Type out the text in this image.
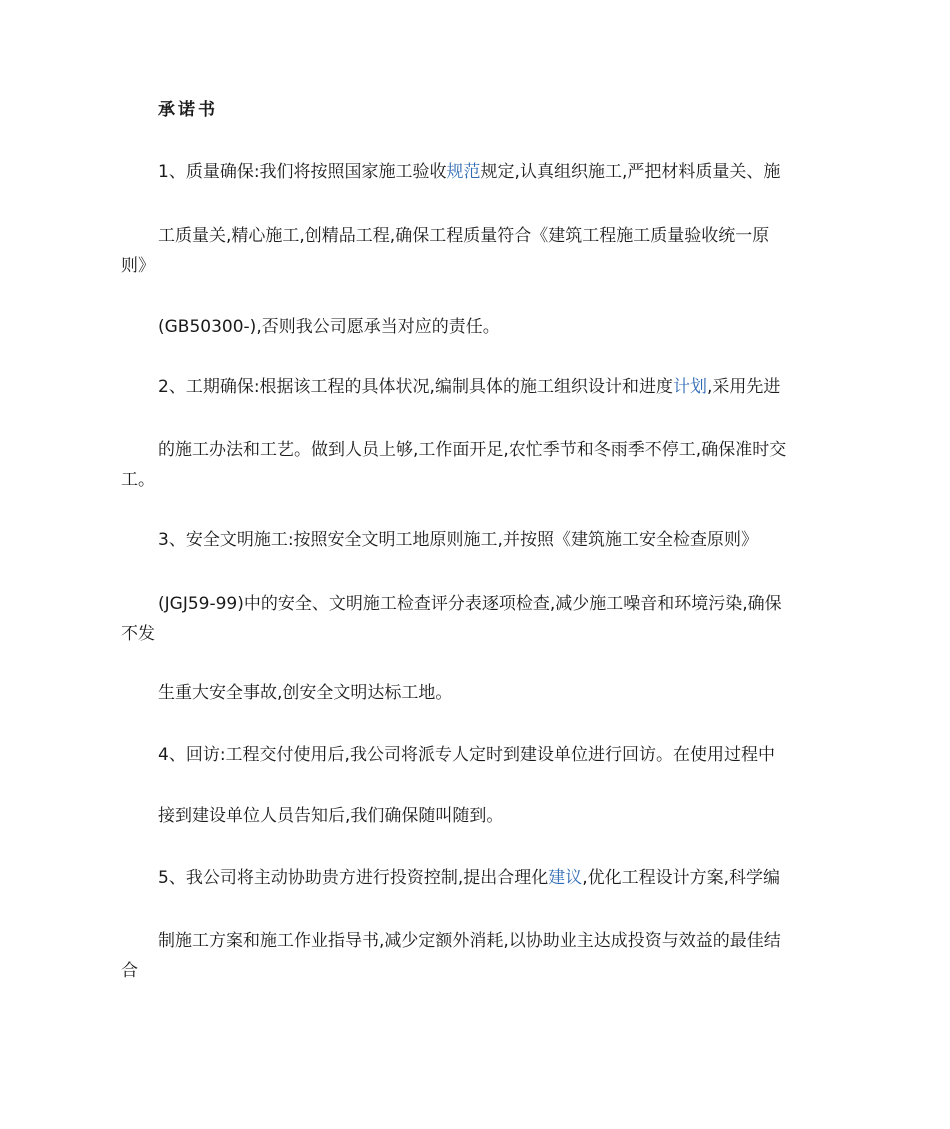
承诺书
1、质量确保:我们将按照国家施工验收规范规定,认真组织施工,严把材料质量关、施
工质量关,精心施工,创精品工程,确保工程质量符合《建筑工程施工质量验收统一原
则》
(GB50300-),否则我公司愿承当对应的责任。
2、工期确保:根据该工程的具体状况,编制具体的施工组织设计和进度计划,采用先进
的施工办法和工艺。做到人员上够,工作面开足,农忙季节和冬雨季不停工,确保准时交
工。
3、安全文明施工:按照安全文明工地原则施工,并按照《建筑施工安全检查原则》
(JGJ59-99)中的安全、文明施工检查评分表逐项检查,减少施工噪音和环境污染,确保
不发
生重大安全事故,创安全文明达标工地。
4、回访:工程交付使用后,我公司将派专人定时到建设单位进行回访。在使用过程中
接到建设单位人员告知后,我们确保随叫随到。
5、我公司将主动协助贵方进行投资控制,提出合理化建议,优化工程设计方案,科学编
制施工方案和施工作业指导书,减少定额外消耗,以协助业主达成投资与效益的最佳结
合
